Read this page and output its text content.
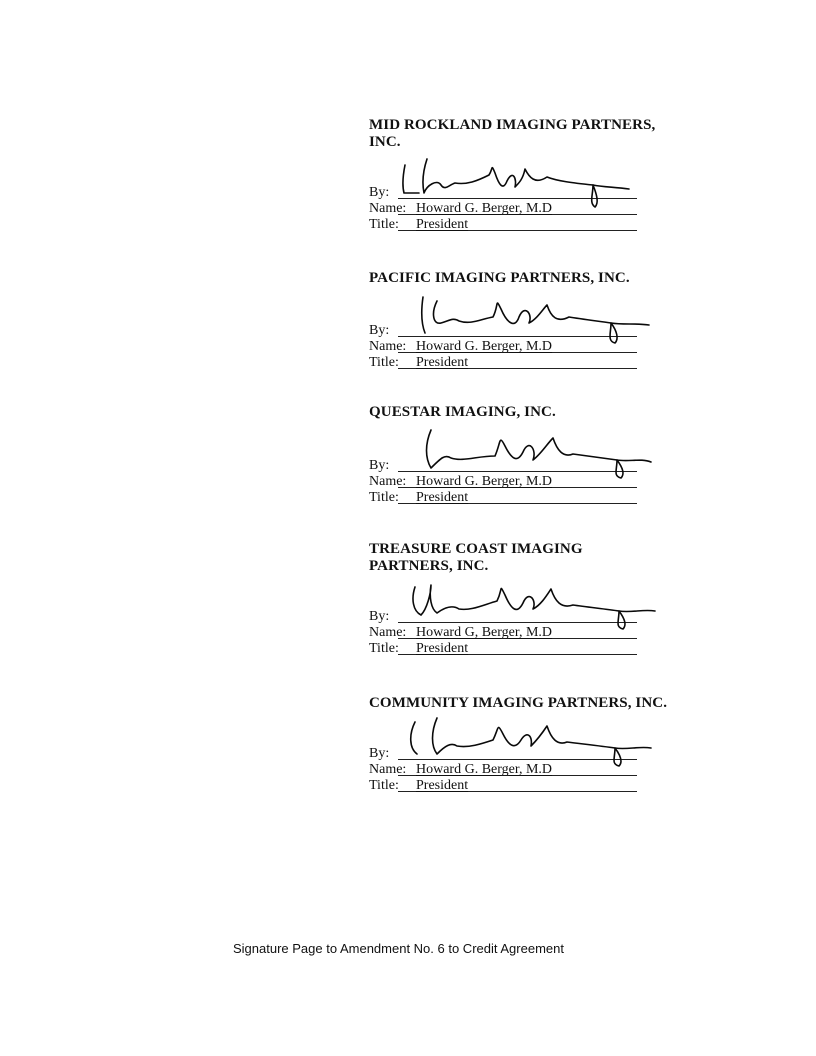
MID ROCKLAND IMAGING PARTNERS, INC.

By:
Name: Howard G. Berger, M.D
Title: President

PACIFIC IMAGING PARTNERS, INC.

By:
Name: Howard G. Berger, M.D
Title: President

QUESTAR IMAGING, INC.

By:
Name: Howard G. Berger, M.D
Title: President

TREASURE COAST IMAGING PARTNERS, INC.

By:
Name: Howard G, Berger, M.D
Title: President

COMMUNITY IMAGING PARTNERS, INC.

By:
Name: Howard G. Berger, M.D
Title: President
Signature Page to Amendment No. 6 to Credit Agreement
